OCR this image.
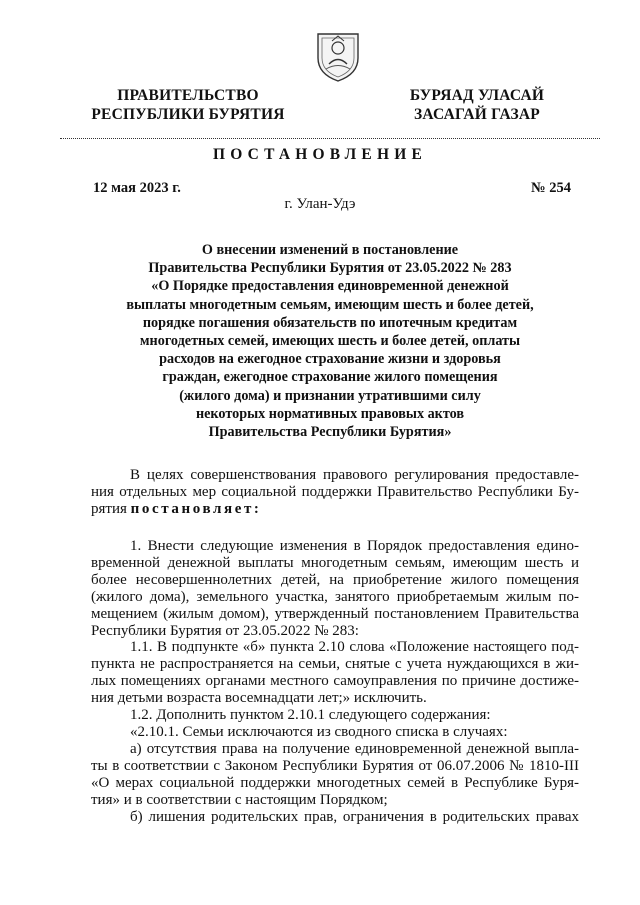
ПРАВИТЕЛЬСТВО
РЕСПУБЛИКИ БУРЯТИЯ
БУРЯАД УЛАСАЙ
ЗАСАГАЙ ГАЗАР
ПОСТАНОВЛЕНИЕ
12 мая 2023 г.	№ 254
г. Улан-Удэ
О внесении изменений в постановление
Правительства Республики Бурятия от 23.05.2022 № 283
«О Порядке предоставления единовременной денежной
выплаты многодетным семьям, имеющим шесть и более детей,
порядке погашения обязательств по ипотечным кредитам
многодетных семей, имеющих шесть и более детей, оплаты
расходов на ежегодное страхование жизни и здоровья
граждан, ежегодное страхование жилого помещения
(жилого дома) и признании утратившими силу
некоторых нормативных правовых актов
Правительства Республики Бурятия»
В целях совершенствования правового регулирования предоставле-
ния отдельных мер социальной поддержки Правительство Республики Бу-
рятия постановляет:
1. Внести следующие изменения в Порядок предоставления едино-
временной денежной выплаты многодетным семьям, имеющим шесть и
более несовершеннолетних детей, на приобретение жилого помещения
(жилого дома), земельного участка, занятого приобретаемым жилым по-
мещением (жилым домом), утвержденный постановлением Правительства
Республики Бурятия от 23.05.2022 № 283:
1.1. В подпункте «б» пункта 2.10 слова «Положение настоящего под-
пункта не распространяется на семьи, снятые с учета нуждающихся в жи-
лых помещениях органами местного самоуправления по причине достиже-
ния детьми возраста восемнадцати лет;» исключить.
1.2. Дополнить пунктом 2.10.1 следующего содержания:
«2.10.1. Семьи исключаются из сводного списка в случаях:
а) отсутствия права на получение единовременной денежной выпла-
ты в соответствии с Законом Республики Бурятия от 06.07.2006 № 1810-III
«О мерах социальной поддержки многодетных семей в Республике Буря-
тия» и в соответствии с настоящим Порядком;
б) лишения родительских прав, ограничения в родительских правах
